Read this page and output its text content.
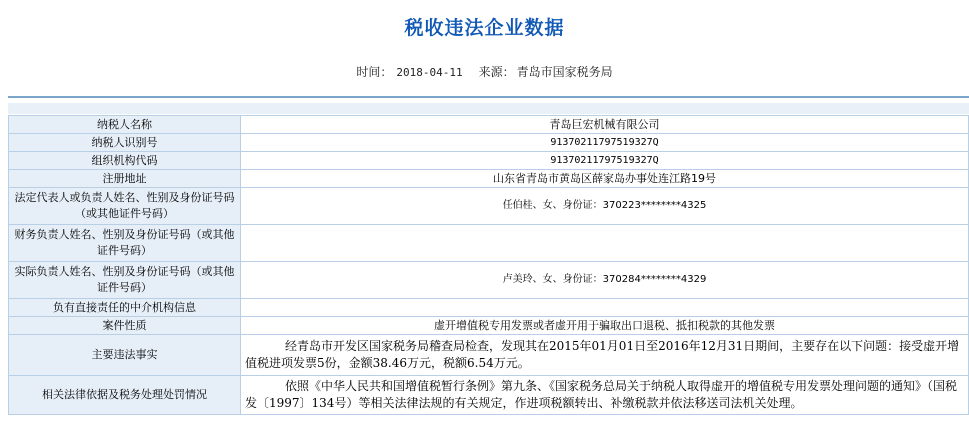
税收违法企业数据
时间： 2018-04-11 来源： 青岛市国家税务局
纳税人名称	青岛巨宏机械有限公司
纳税人识别号	91370211797519327Q
组织机构代码	91370211797519327Q
注册地址	山东省青岛市黄岛区薛家岛办事处连江路19号
法定代表人或负责人姓名、性别及身份证号码（或其他证件号码）	任伯桂、女、身份证：370223********4325
财务负责人姓名、性别及身份证号码（或其他证件号码）	
实际负责人姓名、性别及身份证号码（或其他证件号码）	卢美玲、女、身份证：370284********4329
负有直接责任的中介机构信息	
案件性质	虚开增值税专用发票或者虚开用于骗取出口退税、抵扣税款的其他发票
主要违法事实	经青岛市开发区国家税务局稽查局检查，发现其在2015年01月01日至2016年12月31日期间，主要存在以下问题：接受虚开增值税进项发票5份，金额38.46万元，税额6.54万元。
相关法律依据及税务处理处罚情况	依照《中华人民共和国增值税暂行条例》第九条、《国家税务总局关于纳税人取得虚开的增值税专用发票处理问题的通知》（国税发〔1997〕134号）等相关法律法规的有关规定，作进项税额转出、补缴税款并依法移送司法机关处理。
